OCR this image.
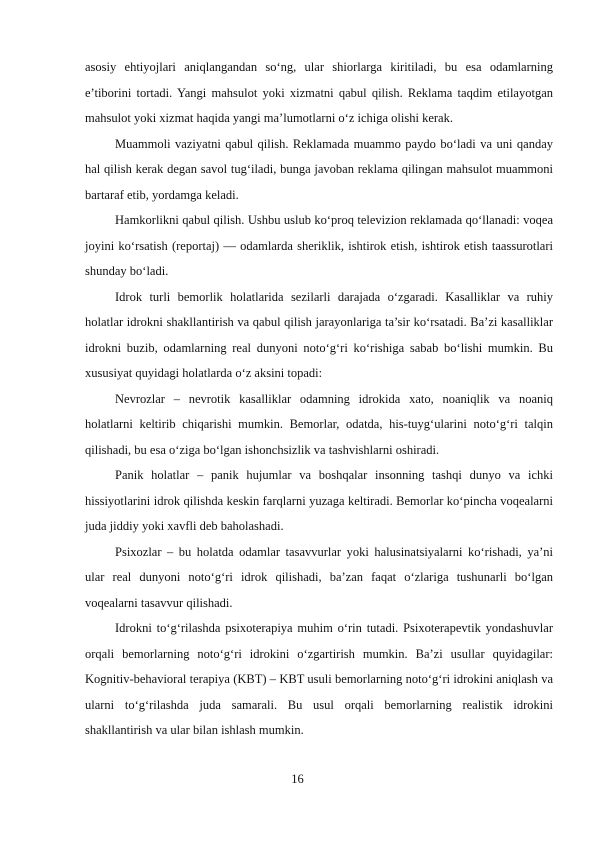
asosiy ehtiyojlari aniqlangandan so‘ng, ular shiorlarga kiritiladi, bu esa odamlarning e’tiborini tortadi. Yangi mahsulot yoki xizmatni qabul qilish. Reklama taqdim etilayotgan mahsulot yoki xizmat haqida yangi ma’lumotlarni o‘z ichiga olishi kerak.

Muammoli vaziyatni qabul qilish. Reklamada muammo paydo bo‘ladi va uni qanday hal qilish kerak degan savol tug‘iladi, bunga javoban reklama qilingan mahsulot muammoni bartaraf etib, yordamga keladi.

Hamkorlikni qabul qilish. Ushbu uslub ko‘proq televizion reklamada qo‘llanadi: voqea joyini ko‘rsatish (reportaj) — odamlarda sheriklik, ishtirok etish, ishtirok etish taassurotlari shunday bo‘ladi.

Idrok turli bemorlik holatlarida sezilarli darajada o‘zgaradi. Kasalliklar va ruhiy holatlar idrokni shakllantirish va qabul qilish jarayonlariga ta’sir ko‘rsatadi. Ba’zi kasalliklar idrokni buzib, odamlarning real dunyoni noto‘g‘ri ko‘rishiga sabab bo‘lishi mumkin. Bu xususiyat quyidagi holatlarda o‘z aksini topadi:

Nevrozlar – nevrotik kasalliklar odamning idrokida xato, noaniqlik va noaniq holatlarni keltirib chiqarishi mumkin. Bemorlar, odatda, his-tuyg‘ularini noto‘g‘ri talqin qilishadi, bu esa o‘ziga bo‘lgan ishonchsizlik va tashvishlarni oshiradi.

Panik holatlar – panik hujumlar va boshqalar insonning tashqi dunyo va ichki hissiyotlarini idrok qilishda keskin farqlarni yuzaga keltiradi. Bemorlar ko‘pincha voqealarni juda jiddiy yoki xavfli deb baholashadi.

Psixozlar – bu holatda odamlar tasavvurlar yoki halusinatsiyalarni ko‘rishadi, ya’ni ular real dunyoni noto‘g‘ri idrok qilishadi, ba’zan faqat o‘zlariga tushunarli bo‘lgan voqealarni tasavvur qilishadi.

Idrokni to‘g‘rilashda psixoterapiya muhim o‘rin tutadi. Psixoterapevtik yondashuvlar orqali bemorlarning noto‘g‘ri idrokini o‘zgartirish mumkin. Ba’zi usullar quyidagilar: Kognitiv-behavioral terapiya (KBT) – KBT usuli bemorlarning noto‘g‘ri idrokini aniqlash va ularni to‘g‘rilashda juda samarali. Bu usul orqali bemorlarning realistik idrokini shakllantirish va ular bilan ishlash mumkin.

16
